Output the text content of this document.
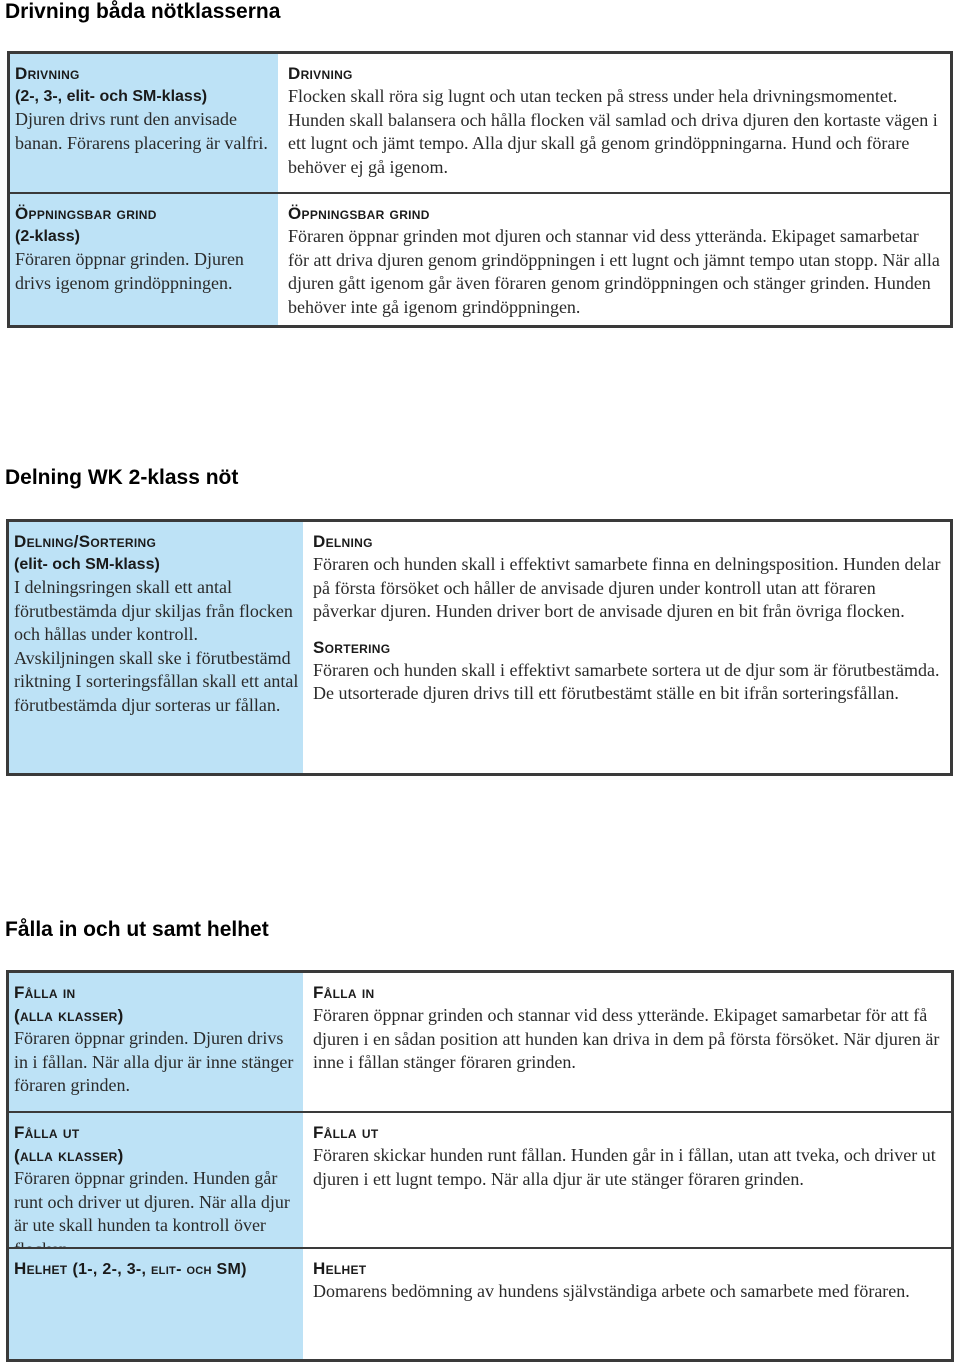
Drivning båda nötklasserna

Drivning

(2-, 3-, elit- och SM-klass)

Djuren drivs runt den anvisade banan. Förarens placering är valfri.

Drivning

Flocken skall röra sig lugnt och utan tecken på stress under hela drivningsmomentet. Hunden skall balansera och hålla flocken väl samlad och driva djuren den kortaste vägen i ett lugnt och jämt tempo. Alla djur skall gå genom grindöppningarna. Hund och förare behöver ej gå igenom.

Öppningsbar grind

(2-klass)

Föraren öppnar grinden. Djuren drivs igenom grindöppningen.

Öppningsbar grind

Föraren öppnar grinden mot djuren och stannar vid dess ytterända. Ekipaget samarbetar för att driva djuren genom grindöppningen i ett lugnt och jämnt tempo utan stopp. När alla djuren gått igenom går även föraren genom grindöppningen och stänger grinden. Hunden behöver inte gå igenom grindöppningen.

Delning WK 2-klass nöt

Delning/Sortering

(elit- och SM-klass)

I delningsringen skall ett antal förutbestämda djur skiljas från flocken och hållas under kontroll. Avskiljningen skall ske i förutbestämd riktning I sorteringsfållan skall ett antal förutbestämda djur sorteras ur fållan.

Delning

Föraren och hunden skall i effektivt samarbete finna en delningsposition. Hunden delar på första försöket och håller de anvisade djuren under kontroll utan att föraren påverkar djuren. Hunden driver bort de anvisade djuren en bit från övriga flocken.

Sortering

Föraren och hunden skall i effektivt samarbete sortera ut de djur som är förutbestämda. De utsorterade djuren drivs till ett förutbestämt ställe en bit ifrån sorteringsfållan.

Fålla in och ut samt helhet

Fålla in

(alla klasser)

Föraren öppnar grinden. Djuren drivs in i fållan. När alla djur är inne stänger föraren grinden.

Fålla in

Föraren öppnar grinden och stannar vid dess ytterände. Ekipaget samarbetar för att få djuren i en sådan position att hunden kan driva in dem på första försöket. När djuren är inne i fållan stänger föraren grinden.

Fålla ut

(alla klasser)

Föraren öppnar grinden. Hunden går runt och driver ut djuren. När alla djur är ute skall hunden ta kontroll över

Fålla ut

Föraren skickar hunden runt fållan. Hunden går in i fållan, utan att tveka, och driver ut djuren i ett lugnt tempo. När alla djur är ute stänger föraren grinden.

Helhet (1-, 2-, 3-, elit- och SM)	Helhet

Domarens bedömning av hundens självständiga arbete och samarbete med föraren.
